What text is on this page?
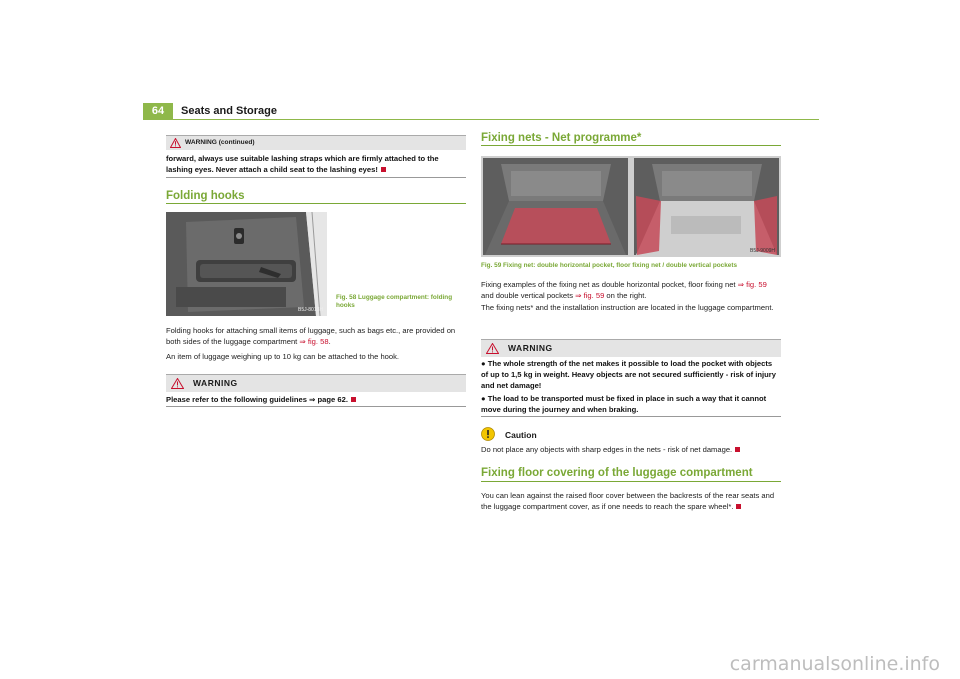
64	Seats and Storage
WARNING (continued)
forward, always use suitable lashing straps which are firmly attached to the lashing eyes. Never attach a child seat to the lashing eyes!
Folding hooks
B5J-8013H
Fig. 58 Luggage compartment: folding hooks
Folding hooks for attaching small items of luggage, such as bags etc., are provided on both sides of the luggage compartment ⇒ fig. 58.
An item of luggage weighing up to 10 kg can be attached to the hook.
WARNING
Please refer to the following guidelines ⇒ page 62.
Fixing nets - Net programme*
B5J-9009H
Fig. 59 Fixing net: double horizontal pocket, floor fixing net / double vertical pockets
Fixing examples of the fixing net as double horizontal pocket, floor fixing net ⇒ fig. 59 and double vertical pockets ⇒ fig. 59 on the right.
The fixing nets* and the installation instruction are located in the luggage compartment.
WARNING
● The whole strength of the net makes it possible to load the pocket with objects of up to 1,5 kg in weight. Heavy objects are not secured sufficiently - risk of injury and net damage!
● The load to be transported must be fixed in place in such a way that it cannot move during the journey and when braking.
Caution
Do not place any objects with sharp edges in the nets - risk of net damage.
Fixing floor covering of the luggage compartment
You can lean against the raised floor cover between the backrests of the rear seats and the luggage compartment cover, as if one needs to reach the spare wheel*.
carmanualsonline.info
